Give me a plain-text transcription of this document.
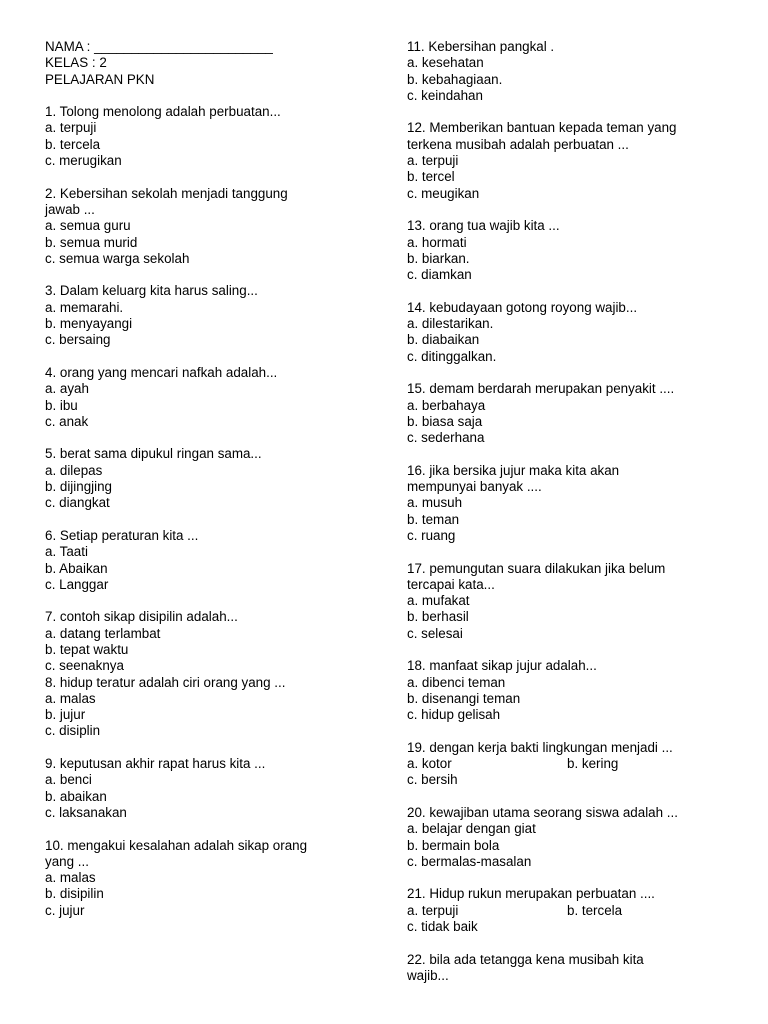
NAMA : ________________________
KELAS : 2
PELAJARAN PKN
1. Tolong menolong adalah perbuatan...
a. terpuji
b. tercela
c. merugikan
2. Kebersihan sekolah menjadi tanggung
jawab ...
a. semua guru
b. semua murid
c. semua warga sekolah
3. Dalam keluarg kita harus saling...
a. memarahi.
b. menyayangi
c. bersaing
4. orang yang mencari nafkah adalah...
a. ayah
b. ibu
c. anak
5. berat sama dipukul ringan sama...
a. dilepas
b. dijingjing
c. diangkat
6. Setiap peraturan kita ...
a. Taati
b. Abaikan
c. Langgar
7. contoh sikap disipilin adalah...
a. datang terlambat
b. tepat waktu
c. seenaknya
8. hidup teratur adalah ciri orang yang ...
a. malas
b. jujur
c. disiplin
9. keputusan akhir rapat harus kita ...
a. benci
b. abaikan
c. laksanakan
10. mengakui kesalahan adalah sikap orang
yang ...
a. malas
b. disipilin
c. jujur
11. Kebersihan pangkal .
a. kesehatan
b. kebahagiaan.
c. keindahan
12. Memberikan bantuan kepada teman yang
terkena musibah adalah perbuatan ...
a. terpuji
b. tercel
c. meugikan
13. orang tua wajib kita ...
a. hormati
b. biarkan.
c. diamkan
14. kebudayaan gotong royong wajib...
a. dilestarikan.
b. diabaikan
c. ditinggalkan.
15. demam berdarah merupakan penyakit ....
a. berbahaya
b. biasa saja
c. sederhana
16. jika bersika jujur maka kita akan
mempunyai banyak ....
a. musuh
b. teman
c. ruang
17. pemungutan suara dilakukan jika belum
tercapai kata...
a. mufakat
b. berhasil
c. selesai
18. manfaat sikap jujur adalah...
a. dibenci teman
b. disenangi teman
c. hidup gelisah
19. dengan kerja bakti lingkungan menjadi ...
a. kotor	b. kering
c. bersih
20. kewajiban utama seorang siswa adalah ...
a. belajar dengan giat
b. bermain bola
c. bermalas-masalan
21. Hidup rukun merupakan perbuatan ....
a. terpuji	b. tercela
c. tidak baik
22. bila ada tetangga kena musibah kita
wajib...
